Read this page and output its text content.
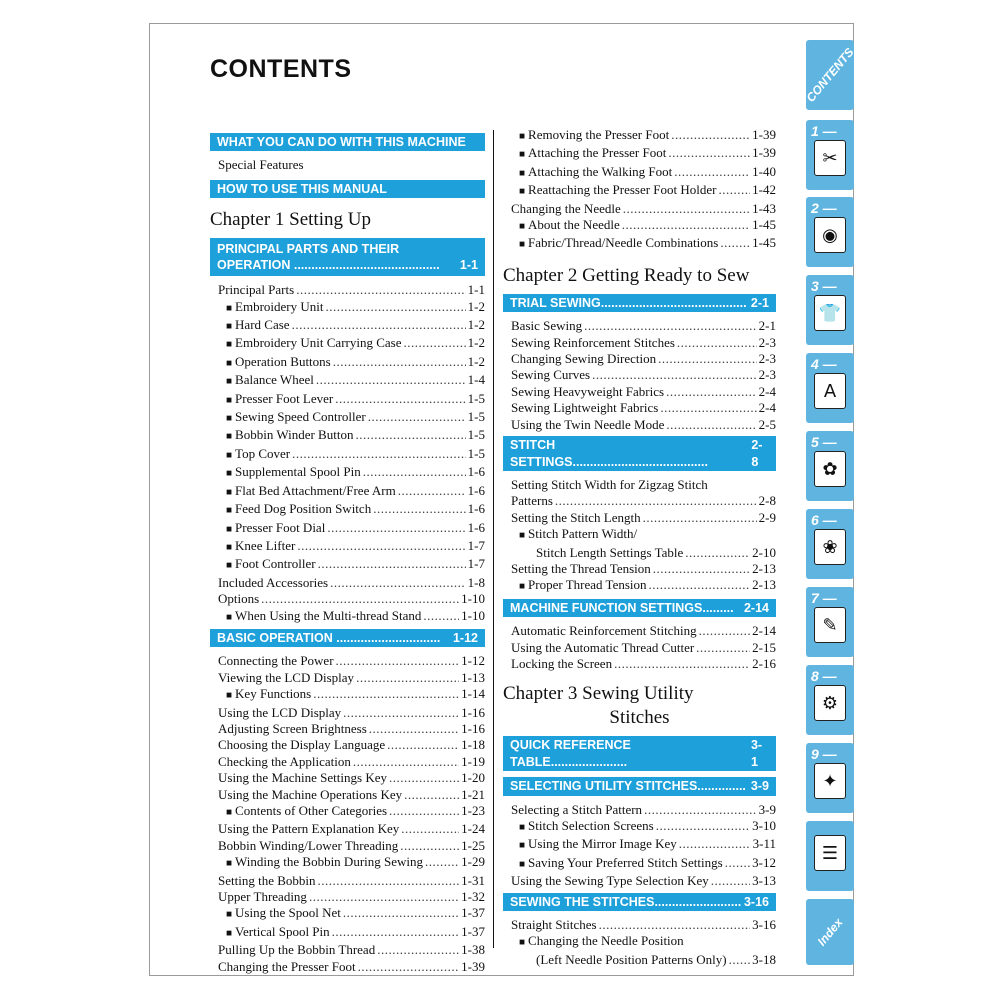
CONTENTS
WHAT YOU CAN DO WITH THIS MACHINE
Special Features
HOW TO USE THIS MANUAL
Chapter 1 Setting Up
PRINCIPAL PARTS AND THEIR
OPERATION .......................................... 1-1
Principal Parts .....	1-1
■ Embroidery Unit .....	1-2
■ Hard Case .....	1-2
■ Embroidery Unit Carrying Case .....	1-2
■ Operation Buttons .....	1-2
■ Balance Wheel .....	1-4
■ Presser Foot Lever .....	1-5
■ Sewing Speed Controller .....	1-5
■ Bobbin Winder Button .....	1-5
■ Top Cover .....	1-5
■ Supplemental Spool Pin .....	1-6
■ Flat Bed Attachment/Free Arm .....	1-6
■ Feed Dog Position Switch .....	1-6
■ Presser Foot Dial .....	1-6
■ Knee Lifter .....	1-7
■ Foot Controller .....	1-7
Included Accessories .....	1-8
Options .....	1-10
■ When Using the Multi-thread Stand .....	1-10
BASIC OPERATION .............................. 1-12
Connecting the Power .....	1-12
Viewing the LCD Display .....	1-13
■ Key Functions .....	1-14
Using the LCD Display .....	1-16
Adjusting Screen Brightness .....	1-16
Choosing the Display Language .....	1-18
Checking the Application .....	1-19
Using the Machine Settings Key .....	1-20
Using the Machine Operations Key .....	1-21
■ Contents of Other Categories .....	1-23
Using the Pattern Explanation Key .....	1-24
Bobbin Winding/Lower Threading .....	1-25
■ Winding the Bobbin During Sewing .....	1-29
Setting the Bobbin .....	1-31
Upper Threading .....	1-32
■ Using the Spool Net .....	1-37
■ Vertical Spool Pin .....	1-37
Pulling Up the Bobbin Thread .....	1-38
Changing the Presser Foot .....	1-39
■ Removing the Presser Foot .....	1-39
■ Attaching the Presser Foot .....	1-39
■ Attaching the Walking Foot .....	1-40
■ Reattaching the Presser Foot Holder .....	1-42
Changing the Needle .....	1-43
■ About the Needle .....	1-45
■ Fabric/Thread/Needle Combinations .....	1-45
Chapter 2 Getting Ready to Sew
TRIAL SEWING.......................................... 2-1
Basic Sewing .....	2-1
Sewing Reinforcement Stitches .....	2-3
Changing Sewing Direction .....	2-3
Sewing Curves .....	2-3
Sewing Heavyweight Fabrics .....	2-4
Sewing Lightweight Fabrics .....	2-4
Using the Twin Needle Mode .....	2-5
STITCH SETTINGS.......................................
2-8
Setting Stitch Width for Zigzag Stitch
Patterns .....	2-8
Setting the Stitch Length .....	2-9
■ Stitch Pattern Width/
Stitch Length Settings Table .....	2-10
Setting the Thread Tension .....	2-13
■ Proper Thread Tension .....	2-13
MACHINE FUNCTION SETTINGS......... 2-14
Automatic Reinforcement Stitching .....	2-14
Using the Automatic Thread Cutter .....	2-15
Locking the Screen .....	2-16
Chapter 3 Sewing Utility
Stitches
QUICK REFERENCE TABLE......................
3-1
SELECTING UTILITY STITCHES.............. 3-9
Selecting a Stitch Pattern .....	3-9
■ Stitch Selection Screens .....	3-10
■ Using the Mirror Image Key .....	3-11
■ Saving Your Preferred Stitch Settings ..... 3-12
Using the Sewing Type Selection Key .....	3-13
SEWING THE STITCHES......................... 3-16
Straight Stitches .....	3-16
■ Changing the Needle Position
(Left Needle Position Patterns Only) ..... 3-18
CONTENTS
1 —
✂
2 —
◉
3 —
👕
4 —
A
5 —
✿
6 —
❀
7 —
✎
8 —
⚙
9 —
✦
☰
Index
